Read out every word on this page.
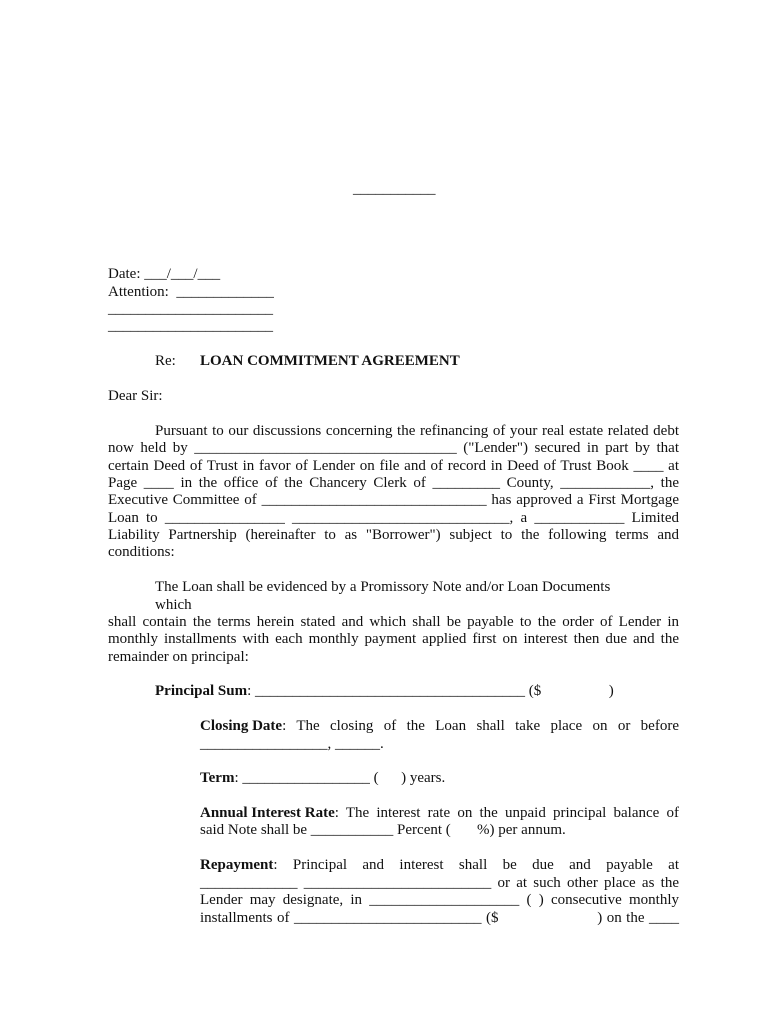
___________
Date: ___/___/___
Attention:  _____________
______________________
______________________
Re: LOAN COMMITMENT AGREEMENT
Dear Sir:
Pursuant to our discussions concerning the refinancing of your real estate related debt
now held by ___________________________________ ("Lender") secured in part by that
certain Deed of Trust in favor of Lender on file and of record in Deed of Trust Book ____ at
Page ____ in the office of the Chancery Clerk of _________ County, ____________, the
Executive Committee of ______________________________ has approved a First Mortgage
Loan to ________________ _____________________________, a ____________ Limited
Liability Partnership (hereinafter to as "Borrower") subject to the following terms and
conditions:
The Loan shall be evidenced by a Promissory Note and/or Loan Documents
which
shall contain the terms herein stated and which shall be payable to the order of Lender in
monthly installments with each monthly payment applied first on interest then due and the
remainder on principal:
Principal Sum: ____________________________________ ($                  )
Closing Date : The closing of the Loan shall take place on or before
_________________, ______.
Term: _________________ (      ) years.
Annual Interest Rate : The interest rate on the unpaid principal balance of
said Note shall be ___________ Percent (       %) per annum.
Repayment : Principal and interest shall be due and payable at
_____________ _________________________ or at such other place as the
Lender may designate, in ____________________ ( ) consecutive monthly
installments of _________________________ ($                      ) on the ____
